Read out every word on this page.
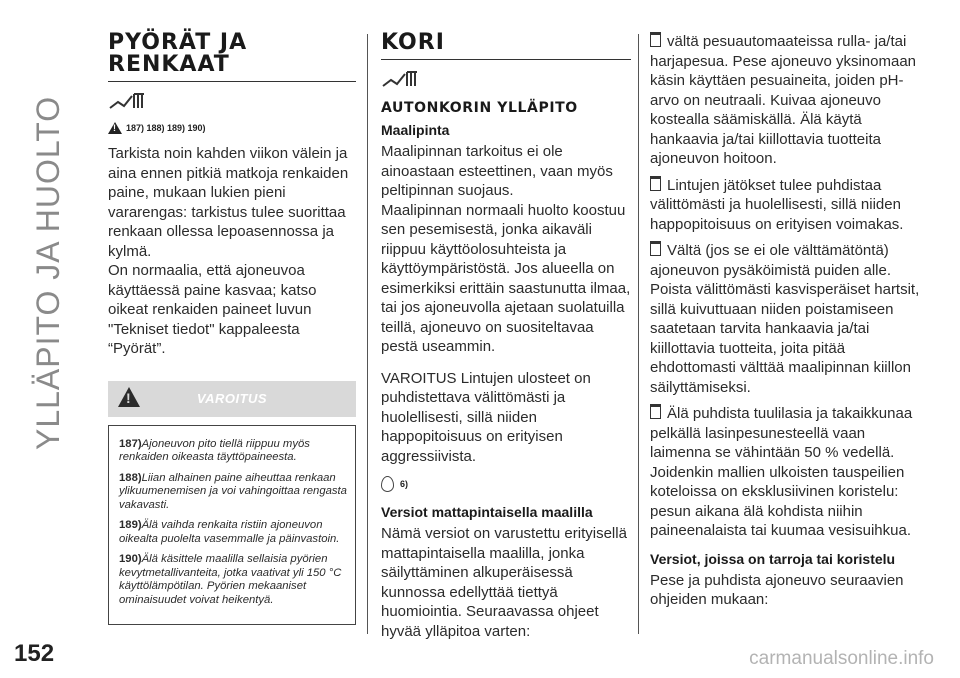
YLLÄPITO JA HUOLTO
152
PYÖRÄT JA
RENKAAT
!
187) 188) 189) 190)

Tarkista noin kahden viikon välein ja aina ennen pitkiä matkoja renkaiden paine, mukaan lukien pieni vararengas: tarkistus tulee suorittaa renkaan ollessa lepoasennossa ja kylmä.

On normaalia, että ajoneuvoa käyttäessä paine kasvaa; katso oikeat renkaiden paineet luvun "Tekniset tiedot" kappaleesta “Pyörät”.

!
VAROITUS

187)Ajoneuvon pito tiellä riippuu myös renkaiden oikeasta täyttöpaineesta.

188)Liian alhainen paine aiheuttaa renkaan ylikuumenemisen ja voi vahingoittaa rengasta vakavasti.

189)Älä vaihda renkaita ristiin ajoneuvon oikealta puolelta vasemmalle ja päinvastoin.

190)Älä käsittele maalilla sellaisia pyörien kevytmetallivanteita, jotka vaativat yli 150 °C käyttölämpötilan. Pyörien mekaaniset ominaisuudet voivat heikentyä.

KORI
AUTONKORIN YLLÄPITO
Maalipinta

Maalipinnan tarkoitus ei ole ainoastaan esteettinen, vaan myös peltipinnan suojaus.

Maalipinnan normaali huolto koostuu sen pesemisestä, jonka aikaväli riippuu käyttöolosuhteista ja käyttöympäristöstä. Jos alueella on esimerkiksi erittäin saastunutta ilmaa, tai jos ajoneuvolla ajetaan suolatuilla teillä, ajoneuvo on suositeltavaa pestä useammin.

VAROITUS Lintujen ulosteet on puhdistettava välittömästi ja huolellisesti, sillä niiden happopitoisuus on erityisen aggressiivista.

6)
Versiot mattapintaisella maalilla

Nämä versiot on varustettu erityisellä mattapintaisella maalilla, jonka säilyttäminen alkuperäisessä kunnossa edellyttää tiettyä huomiointia. Seuraavassa ohjeet hyvää ylläpitoa varten:

vältä pesuautomaateissa rulla- ja/tai harjapesua. Pese ajoneuvo yksinomaan käsin käyttäen pesuaineita, joiden pH-arvo on neutraali. Kuivaa ajoneuvo kostealla säämiskällä. Älä käytä hankaavia ja/tai kiillottavia tuotteita ajoneuvon hoitoon.

Lintujen jätökset tulee puhdistaa välittömästi ja huolellisesti, sillä niiden happopitoisuus on erityisen voimakas.

Vältä (jos se ei ole välttämätöntä) ajoneuvon pysäköimistä puiden alle. Poista välittömästi kasvisperäiset hartsit, sillä kuivuttuaan niiden poistamiseen saatetaan tarvita hankaavia ja/tai kiillottavia tuotteita, joita pitää ehdottomasti välttää maalipinnan kiillon säilyttämiseksi.

Älä puhdista tuulilasia ja takaikkunaa pelkällä lasinpesunesteellä vaan laimenna se vähintään 50 % vedellä. Joidenkin mallien ulkoisten tauspeilien koteloissa on eksklusiivinen koristelu: pesun aikana älä kohdista niihin paineenalaista tai kuumaa vesisuihkua.

Versiot, joissa on tarroja tai koristelu

Pese ja puhdista ajoneuvo seuraavien ohjeiden mukaan:

carmanualsonline.info
